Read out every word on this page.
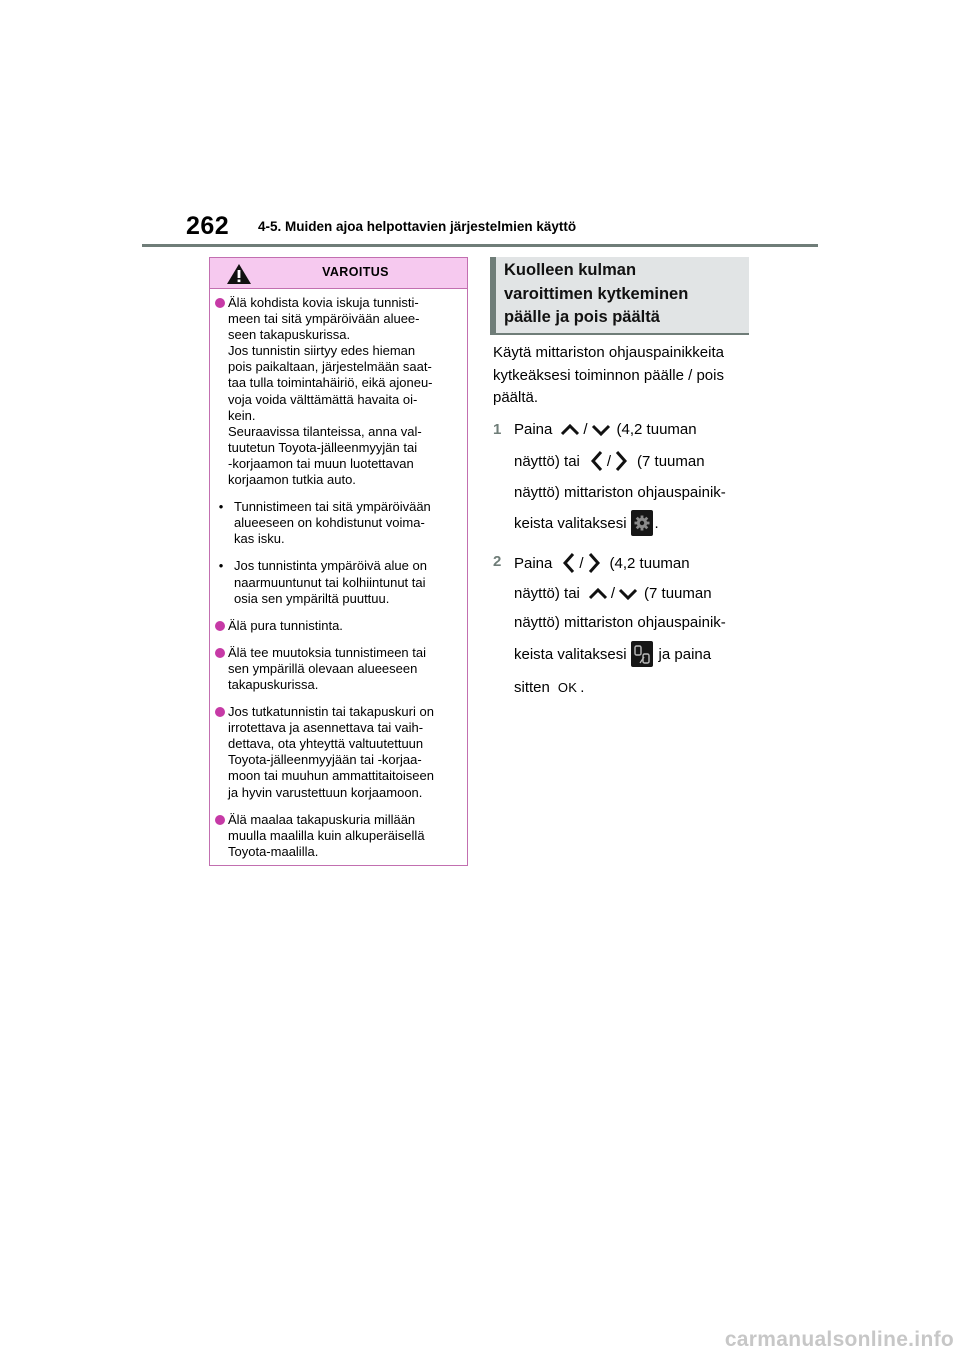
262 4-5. Muiden ajoa helpottavien järjestelmien käyttö
VAROITUS
Älä kohdista kovia iskuja tunnisti-
meen tai sitä ympäröivään aluee-
seen takapuskurissa.
Jos tunnistin siirtyy edes hieman
pois paikaltaan, järjestelmään saat-
taa tulla toimintahäiriö, eikä ajoneu-
voja voida välttämättä havaita oi-
kein.
Seuraavissa tilanteissa, anna val-
tuutetun Toyota-jälleenmyyjän tai
-korjaamon tai muun luotettavan
korjaamon tutkia auto.
• Tunnistimeen tai sitä ympäröivään
alueeseen on kohdistunut voima-
kas isku.
• Jos tunnistinta ympäröivä alue on
naarmuuntunut tai kolhiintunut tai
osia sen ympäriltä puuttuu.
Älä pura tunnistinta.
Älä tee muutoksia tunnistimeen tai
sen ympärillä olevaan alueeseen
takapuskurissa.
Jos tutkatunnistin tai takapuskuri on
irrotettava ja asennettava tai vaih-
dettava, ota yhteyttä valtuutettuun
Toyota-jälleenmyyjään tai -korjaa-
moon tai muuhun ammattitaitoiseen
ja hyvin varustettuun korjaamoon.
Älä maalaa takapuskuria millään
muulla maalilla kuin alkuperäisellä
Toyota-maalilla.
Kuolleen kulman
varoittimen kytkeminen
päälle ja pois päältä
Käytä mittariston ohjauspainikkeita
kytkeäksesi toiminnon päälle / pois
päältä.
1 Paina / (4,2 tuuman
näyttö) tai / (7 tuuman
näyttö) mittariston ohjauspainik-
keista valitaksesi .
2 Paina / (4,2 tuuman
näyttö) tai / (7 tuuman
näyttö) mittariston ohjauspainik-
keista valitaksesi ja paina
sitten OK .
carmanualsonline.info
